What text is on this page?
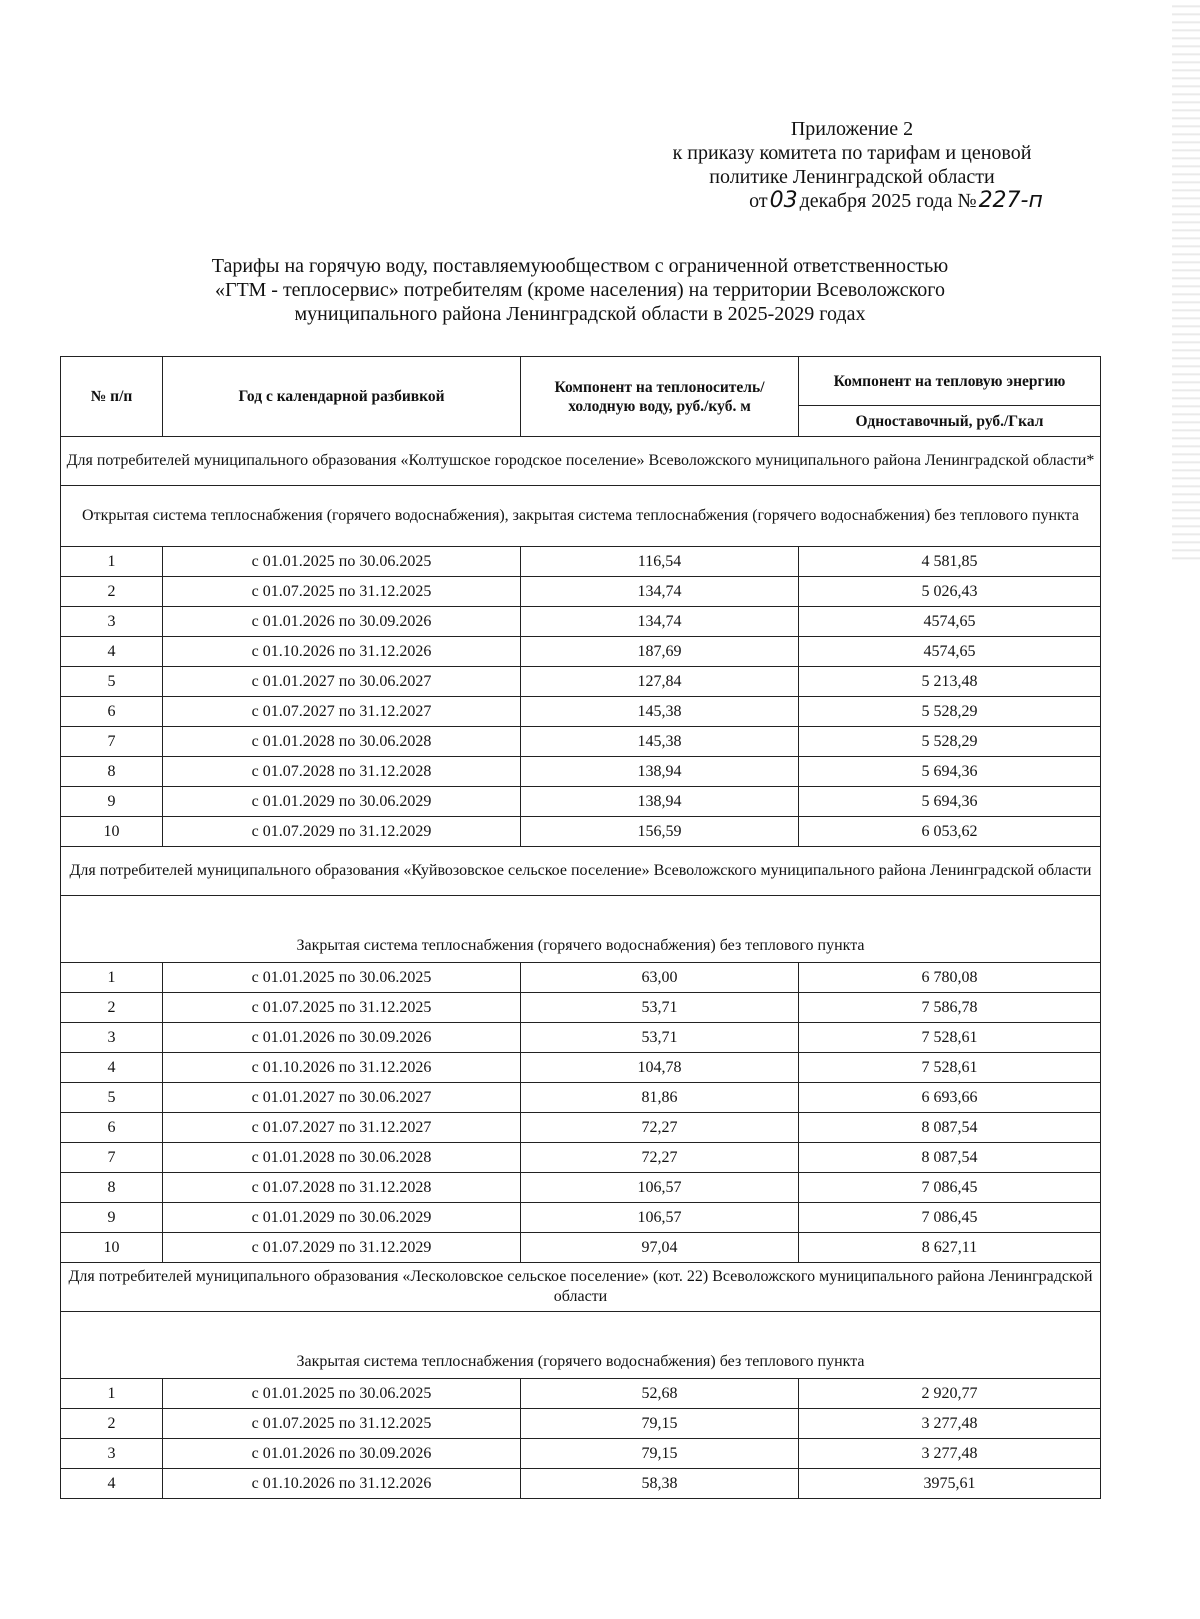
Приложение 2
к приказу комитета по тарифам и ценовой
политике Ленинградской области
от03 декабря 2025 года №227-п
Тарифы на горячую воду, поставляемуюобществом с ограниченной ответственностью
«ГТМ - теплосервис» потребителям (кроме населения) на территории Всеволожского
муниципального района Ленинградской области в 2025-2029 годах
№ п/п	Год с календарной разбивкой	Компонент на теплоноситель/ холодную воду, руб./куб. м	Компонент на тепловую энергию
			Одноставочный, руб./Гкал
Для потребителей муниципального образования «Колтушское городское поселение» Всеволожского муниципального района Ленинградской области*			
Открытая система теплоснабжения (горячего водоснабжения), закрытая система теплоснабжения (горячего водоснабжения) без теплового пункта			
1	с 01.01.2025 по 30.06.2025	116,54	4 581,85
2	с 01.07.2025 по 31.12.2025	134,74	5 026,43
3	с 01.01.2026 по 30.09.2026	134,74	4574,65
4	с 01.10.2026 по 31.12.2026	187,69	4574,65
5	с 01.01.2027 по 30.06.2027	127,84	5 213,48
6	с 01.07.2027 по 31.12.2027	145,38	5 528,29
7	с 01.01.2028 по 30.06.2028	145,38	5 528,29
8	с 01.07.2028 по 31.12.2028	138,94	5 694,36
9	с 01.01.2029 по 30.06.2029	138,94	5 694,36
10	с 01.07.2029 по 31.12.2029	156,59	6 053,62
Для потребителей муниципального образования «Куйвозовское сельское поселение» Всеволожского муниципального района Ленинградской области			
Закрытая система теплоснабжения (горячего водоснабжения) без теплового пункта			
1	с 01.01.2025 по 30.06.2025	63,00	6 780,08
2	с 01.07.2025 по 31.12.2025	53,71	7 586,78
3	с 01.01.2026 по 30.09.2026	53,71	7 528,61
4	с 01.10.2026 по 31.12.2026	104,78	7 528,61
5	с 01.01.2027 по 30.06.2027	81,86	6 693,66
6	с 01.07.2027 по 31.12.2027	72,27	8 087,54
7	с 01.01.2028 по 30.06.2028	72,27	8 087,54
8	с 01.07.2028 по 31.12.2028	106,57	7 086,45
9	с 01.01.2029 по 30.06.2029	106,57	7 086,45
10	с 01.07.2029 по 31.12.2029	97,04	8 627,11
Для потребителей муниципального образования «Лесколовское сельское поселение» (кот. 22) Всеволожского муниципального района Ленинградской области			
Закрытая система теплоснабжения (горячего водоснабжения) без теплового пункта			
1	с 01.01.2025 по 30.06.2025	52,68	2 920,77
2	с 01.07.2025 по 31.12.2025	79,15	3 277,48
3	с 01.01.2026 по 30.09.2026	79,15	3 277,48
4	с 01.10.2026 по 31.12.2026	58,38	3975,61
